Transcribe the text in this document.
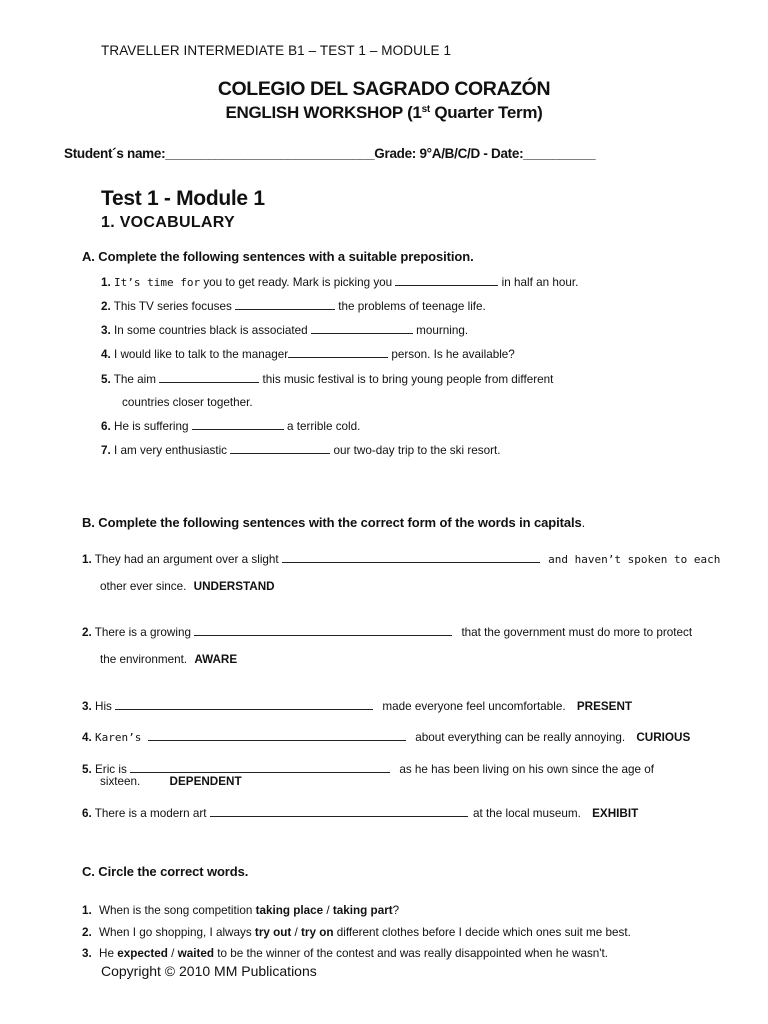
TRAVELLER INTERMEDIATE B1 – TEST 1 – MODULE 1
COLEGIO DEL SAGRADO CORAZÓN
ENGLISH WORKSHOP (1st Quarter Term)
Student´s name:_____________________________Grade: 9°A/B/C/D - Date:__________
Test 1 - Module 1
1. VOCABULARY
A. Complete the following sentences with a suitable preposition.
1. It’s time for you to get ready. Mark is picking you	in half an hour.
2. This TV series focuses	the problems of teenage life.
3. In some countries black is associated	mourning.
4. I would like to talk to the manager	person. Is he available?
5. The aim	this music festival is to bring young people from different
countries closer together.
6. He is suffering	a terrible cold.
7. I am very enthusiastic	our two-day trip to the ski resort.
B. Complete the following sentences with the correct form of the words in capitals.
1. They had an argument over a slight	and haven’t spoken to each
other ever since. UNDERSTAND
2. There is a growing	that the government must do more to protect
the environment. AWARE
3. His	made everyone feel uncomfortable. PRESENT
4. Karen’s	about everything can be really annoying. CURIOUS
5. Eric is	as he has been living on his own since the age of
sixteen.	DEPENDENT
6. There is a modern art	at the local museum. EXHIBIT
C. Circle the correct words.
1. When is the song competition taking place / taking part?
2. When I go shopping, I always try out / try on different clothes before I decide which ones suit me best.
3. He expected / waited to be the winner of the contest and was really disappointed when he wasn't.
Copyright © 2010 MM Publications
